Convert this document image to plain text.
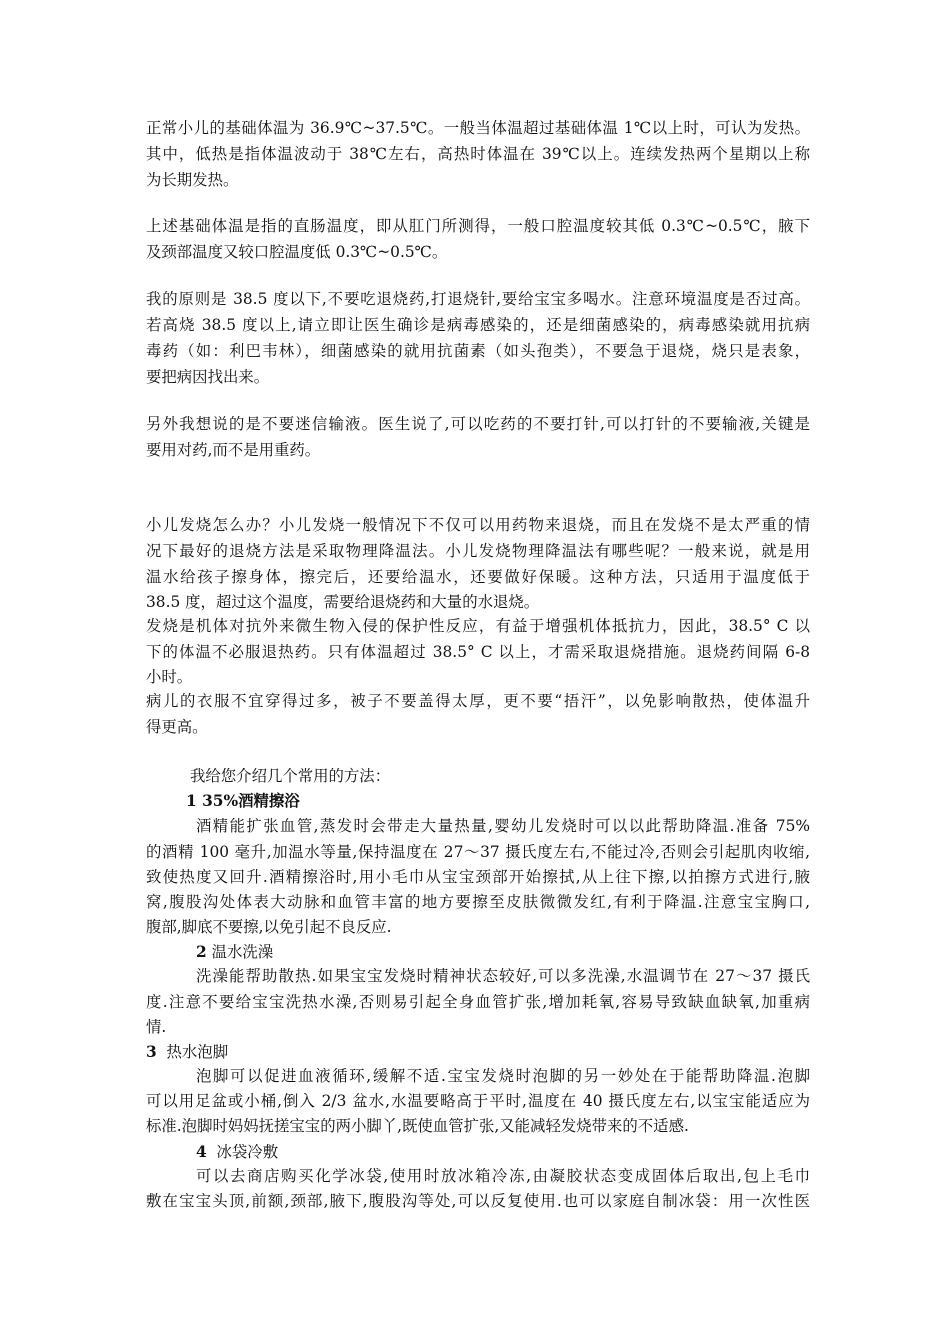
正常小儿的基础体温为 36.9℃~37.5℃。一般当体温超过基础体温 1℃以上时，可认为发热。
其中，低热是指体温波动于 38℃左右，高热时体温在 39℃以上。连续发热两个星期以上称
为长期发热。
上述基础体温是指的直肠温度，即从肛门所测得，一般口腔温度较其低 0.3℃~0.5℃，腋下
及颈部温度又较口腔温度低 0.3℃~0.5℃。
我的原则是 38.5 度以下,不要吃退烧药,打退烧针,要给宝宝多喝水。注意环境温度是否过高。
若高烧 38.5 度以上,请立即让医生确诊是病毒感染的，还是细菌感染的，病毒感染就用抗病
毒药（如：利巴韦林），细菌感染的就用抗菌素（如头孢类），不要急于退烧，烧只是表象，
要把病因找出来。
另外我想说的是不要迷信输液。医生说了,可以吃药的不要打针,可以打针的不要输液,关键是
要用对药,而不是用重药。
小儿发烧怎么办？小儿发烧一般情况下不仅可以用药物来退烧，而且在发烧不是太严重的情
况下最好的退烧方法是采取物理降温法。小儿发烧物理降温法有哪些呢？一般来说，就是用
温水给孩子擦身体，擦完后，还要给温水，还要做好保暖。这种方法，只适用于温度低于
38.5 度，超过这个温度，需要给退烧药和大量的水退烧。
发烧是机体对抗外来微生物入侵的保护性反应，有益于增强机体抵抗力，因此，38.5° C 以
下的体温不必服退热药。只有体温超过 38.5° C 以上，才需采取退烧措施。退烧药间隔 6-8
小时。
病儿的衣服不宜穿得过多，被子不要盖得太厚，更不要“捂汗”，以免影响散热，使体温升
得更高。
我给您介绍几个常用的方法：
1 35%酒精擦浴
酒精能扩张血管,蒸发时会带走大量热量,婴幼儿发烧时可以以此帮助降温.准备 75%
的酒精 100 毫升,加温水等量,保持温度在 27～37 摄氏度左右,不能过冷,否则会引起肌肉收缩,
致使热度又回升.酒精擦浴时,用小毛巾从宝宝颈部开始擦拭,从上往下擦,以拍擦方式进行,腋
窝,腹股沟处体表大动脉和血管丰富的地方要擦至皮肤微微发红,有利于降温.注意宝宝胸口,
腹部,脚底不要擦,以免引起不良反应.
2 温水洗澡
洗澡能帮助散热.如果宝宝发烧时精神状态较好,可以多洗澡,水温调节在 27～37 摄氏
度.注意不要给宝宝洗热水澡,否则易引起全身血管扩张,增加耗氧,容易导致缺血缺氧,加重病
情.
3 热水泡脚
泡脚可以促进血液循环,缓解不适.宝宝发烧时泡脚的另一妙处在于能帮助降温.泡脚
可以用足盆或小桶,倒入 2/3 盆水,水温要略高于平时,温度在 40 摄氏度左右,以宝宝能适应为
标准.泡脚时妈妈抚搓宝宝的两小脚丫,既使血管扩张,又能减轻发烧带来的不适感.
4 冰袋冷敷
可以去商店购买化学冰袋,使用时放冰箱冷冻,由凝胶状态变成固体后取出,包上毛巾
敷在宝宝头顶,前额,颈部,腋下,腹股沟等处,可以反复使用.也可以家庭自制冰袋：用一次性医
